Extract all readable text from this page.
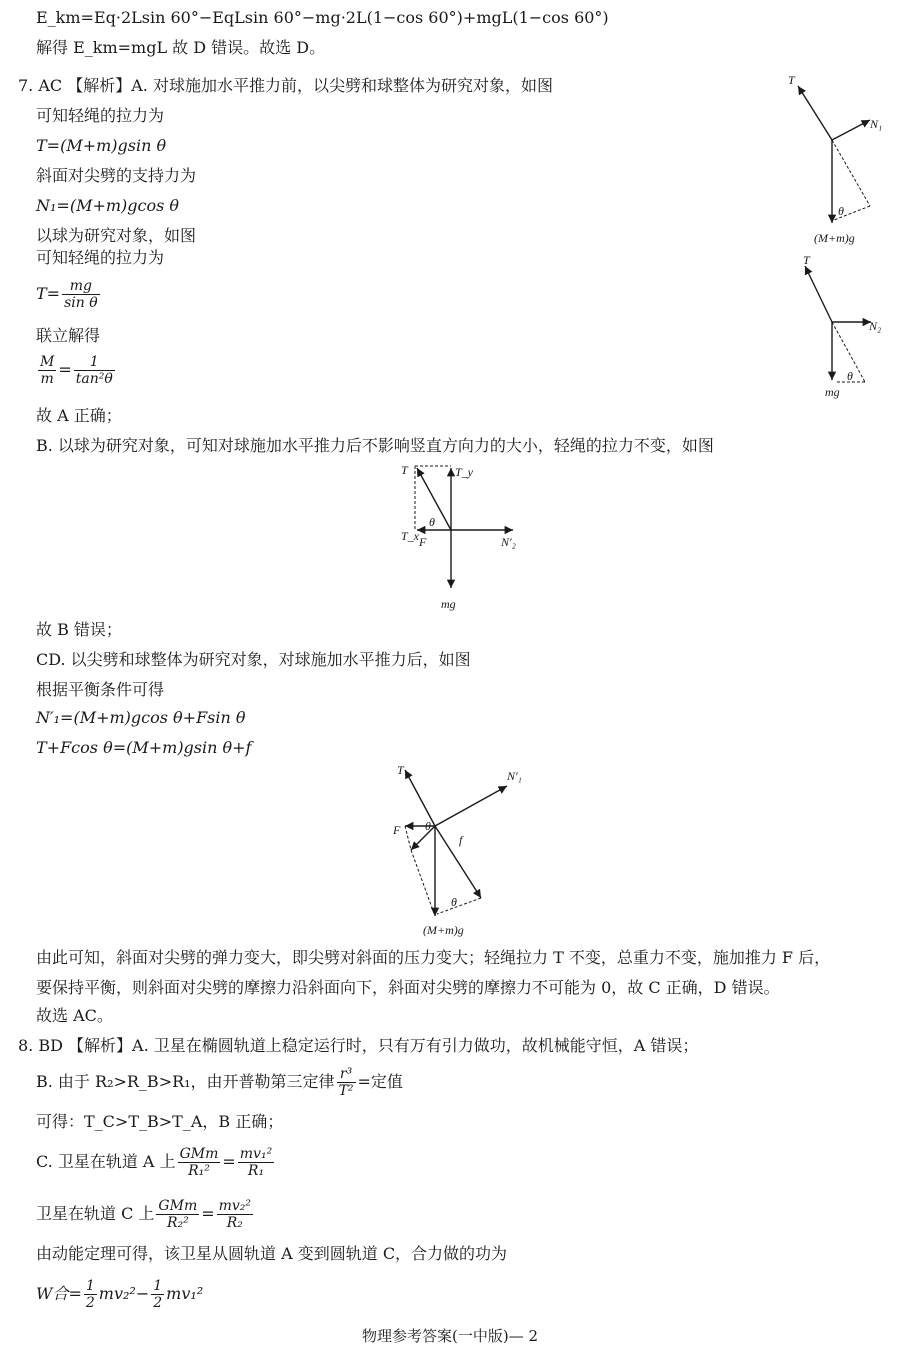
E_km=Eq·2Lsin 60°−EqLsin 60°−mg·2L(1−cos 60°)+mgL(1−cos 60°)
解得 E_km=mgL 故 D 错误。故选 D。
7. AC 【解析】A. 对球施加水平推力前，以尖劈和球整体为研究对象，如图
可知轻绳的拉力为
T=(M+m)gsin θ
斜面对尖劈的支持力为
N₁=(M+m)gcos θ
以球为研究对象，如图
可知轻绳的拉力为
$T= \frac{mg}{\text{sin θ}}$
联立解得
$\frac{M}{m} = \frac{1}{\text{tan²θ}}$
故 A 正确；
B. 以球为研究对象，可知对球施加水平推力后不影响竖直方向力的大小，轻绳的拉力不变，如图
故 B 错误；
CD. 以尖劈和球整体为研究对象，对球施加水平推力后，如图
根据平衡条件可得
N′₁=(M+m)gcos θ+Fsin θ
T+Fcos θ=(M+m)gsin θ+f
由此可知，斜面对尖劈的弹力变大，即尖劈对斜面的压力变大；轻绳拉力 T 不变，总重力不变，施加推力 F 后，
要保持平衡，则斜面对尖劈的摩擦力沿斜面向下，斜面对尖劈的摩擦力不可能为 0，故 C 正确，D 错误。
故选 AC。
8. BD 【解析】A. 卫星在椭圆轨道上稳定运行时，只有万有引力做功，故机械能守恒，A 错误；
B. 由于 R₂>R_B>R₁，由开普勒第三定律 $\frac{\text{r³}}{\text{T²}}$ =定值
可得：T_C>T_B>T_A，B 正确；
C. 卫星在轨道 A 上 $\frac{\text{GMm}}{\text{R₁²}} = \frac{\text{mv₁²}}{\text{R₁}}$
卫星在轨道 C 上 $\frac{\text{GMm}}{\text{R₂²}} = \frac{\text{mv₂²}}{\text{R₂}}$
由动能定理可得，该卫星从圆轨道 A 变到圆轨道 C，合力做的功为
W合= $\frac{1}{2} mv_2^2- \frac{1}{2} mv_1^2$
T
N₁
θ
(M+m)g
T
N₂
θ
mg
T	T_y
T_x F	N′₂
θ
mg
T	N′₁
F
f
θ
θ
(M+m)g
物理参考答案(一中版)— 2
